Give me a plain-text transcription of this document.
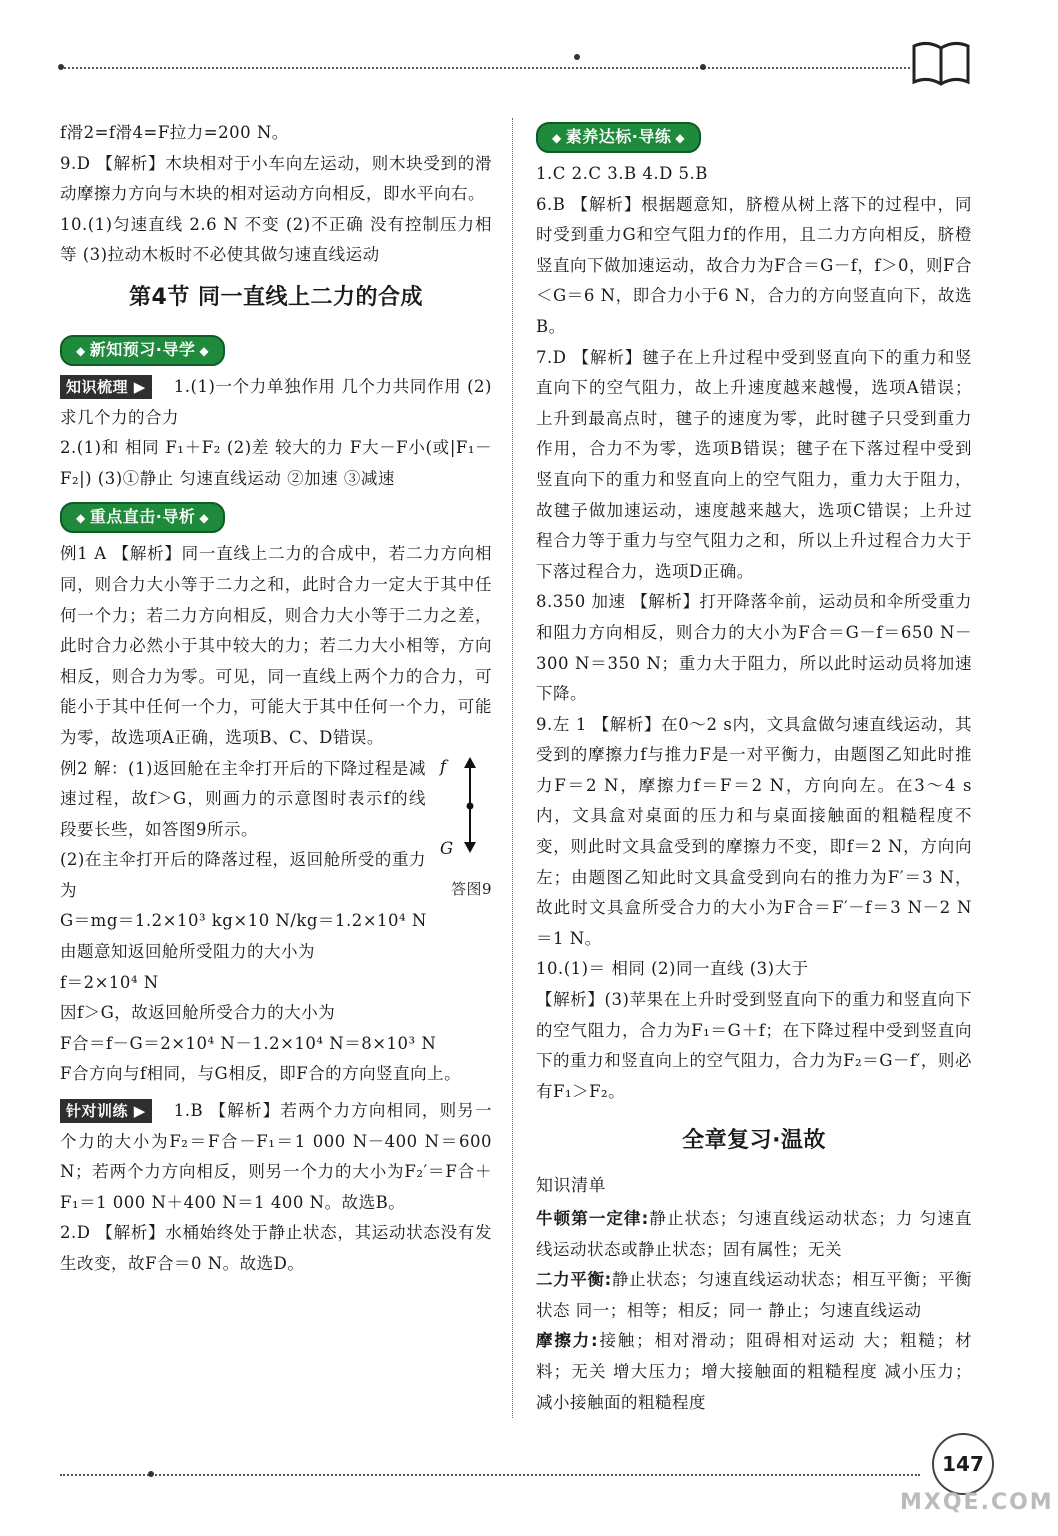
f滑2=f滑4=F拉力=200 N。

9.D 【解析】木块相对于小车向左运动，则木块受到的滑动摩擦力方向与木块的相对运动方向相反，即水平向右。

10.(1)匀速直线 2.6 N 不变 (2)不正确 没有控制压力相等 (3)拉动木板时不必使其做匀速直线运动

第4节 同一直线上二力的合成
◆ 新知预习·导学 ◆

知识梳理 ▶ 1.(1)一个力单独作用 几个力共同作用 (2)求几个力的合力

2.(1)和 相同 F₁＋F₂ (2)差 较大的力 F大－F小(或|F₁－F₂|) (3)①静止 匀速直线运动 ②加速 ③减速

◆ 重点直击·导析 ◆

例1 A 【解析】同一直线上二力的合成中，若二力方向相同，则合力大小等于二力之和，此时合力一定大于其中任何一个力；若二力方向相反，则合力大小等于二力之差，此时合力必然小于其中较大的力；若二力大小相等，方向相反，则合力为零。可见，同一直线上两个力的合力，可能小于其中任何一个力，可能大于其中任何一个力，可能为零，故选项A正确，选项B、C、D错误。

f
G
答图9

例2 解：(1)返回舱在主伞打开后的下降过程是减速过程，故f＞G，则画力的示意图时表示f的线段要长些，如答图9所示。

(2)在主伞打开后的降落过程，返回舱所受的重力为

G＝mg＝1.2×10³ kg×10 N/kg＝1.2×10⁴ N

由题意知返回舱所受阻力的大小为

f＝2×10⁴ N

因f＞G，故返回舱所受合力的大小为

F合＝f－G＝2×10⁴ N－1.2×10⁴ N＝8×10³ N

F合方向与f相同，与G相反，即F合的方向竖直向上。

针对训练 ▶ 1.B 【解析】若两个力方向相同，则另一个力的大小为F₂＝F合－F₁＝1 000 N－400 N＝600 N；若两个力方向相反，则另一个力的大小为F₂′＝F合＋F₁＝1 000 N＋400 N＝1 400 N。故选B。

2.D 【解析】水桶始终处于静止状态，其运动状态没有发生改变，故F合＝0 N。故选D。

◆ 素养达标·导练 ◆

1.C 2.C 3.B 4.D 5.B

6.B 【解析】根据题意知，脐橙从树上落下的过程中，同时受到重力G和空气阻力f的作用，且二力方向相反，脐橙竖直向下做加速运动，故合力为F合＝G－f，f＞0，则F合＜G＝6 N，即合力小于6 N，合力的方向竖直向下，故选B。

7.D 【解析】毽子在上升过程中受到竖直向下的重力和竖直向下的空气阻力，故上升速度越来越慢，选项A错误；上升到最高点时，毽子的速度为零，此时毽子只受到重力作用，合力不为零，选项B错误；毽子在下落过程中受到竖直向下的重力和竖直向上的空气阻力，重力大于阻力，故毽子做加速运动，速度越来越大，选项C错误；上升过程合力等于重力与空气阻力之和，所以上升过程合力大于下落过程合力，选项D正确。

8.350 加速 【解析】打开降落伞前，运动员和伞所受重力和阻力方向相反，则合力的大小为F合＝G－f＝650 N－300 N＝350 N；重力大于阻力，所以此时运动员将加速下降。

9.左 1 【解析】在0～2 s内，文具盒做匀速直线运动，其受到的摩擦力f与推力F是一对平衡力，由题图乙知此时推力F＝2 N，摩擦力f＝F＝2 N，方向向左。在3～4 s内，文具盒对桌面的压力和与桌面接触面的粗糙程度不变，则此时文具盒受到的摩擦力不变，即f＝2 N，方向向左；由题图乙知此时文具盒受到向右的推力为F′＝3 N，故此时文具盒所受合力的大小为F合＝F′－f＝3 N－2 N＝1 N。

10.(1)＝ 相同 (2)同一直线 (3)大于

【解析】(3)苹果在上升时受到竖直向下的重力和竖直向下的空气阻力，合力为F₁＝G＋f；在下降过程中受到竖直向下的重力和竖直向上的空气阻力，合力为F₂＝G－f′，则必有F₁＞F₂。

全章复习·温故
知识清单

牛顿第一定律:静止状态；匀速直线运动状态；力 匀速直线运动状态或静止状态；固有属性；无关

二力平衡:静止状态；匀速直线运动状态；相互平衡；平衡状态 同一；相等；相反；同一 静止；匀速直线运动

摩擦力:接触；相对滑动；阻碍相对运动 大；粗糙；材料；无关 增大压力；增大接触面的粗糙程度 减小压力；减小接触面的粗糙程度

147
MXQE.COM
